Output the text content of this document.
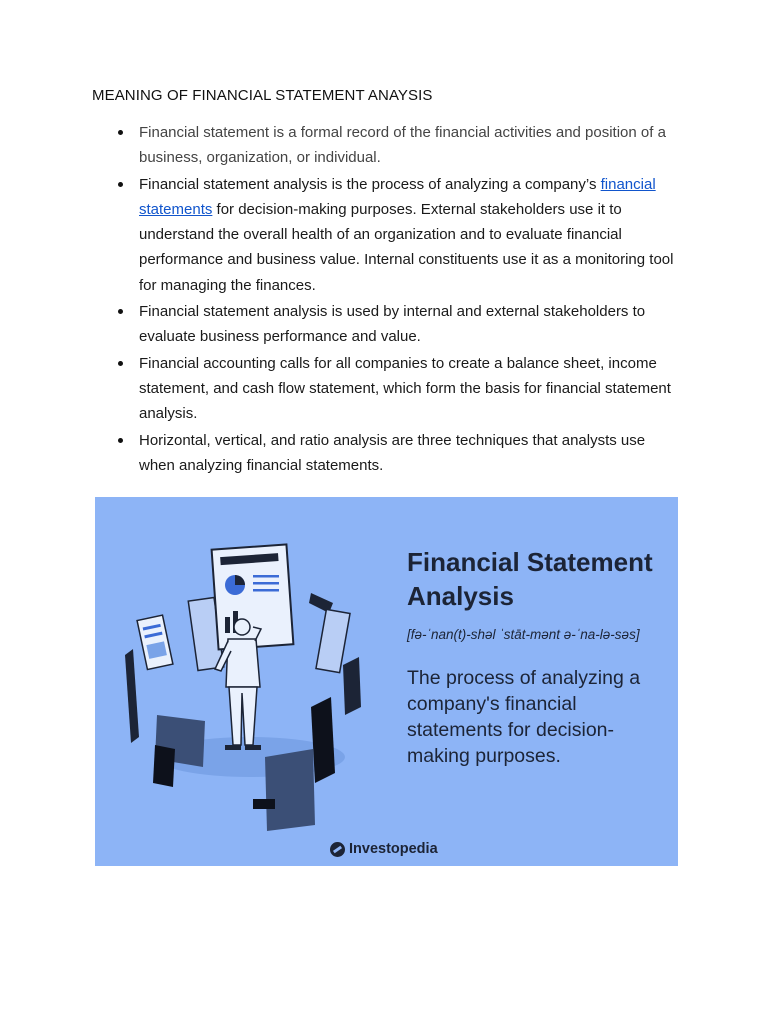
MEANING OF FINANCIAL STATEMENT ANAYSIS
Financial statement is a formal record of the financial activities and position of a business, organization, or individual.
Financial statement analysis is the process of analyzing a company’s financial statements for decision-making purposes. External stakeholders use it to understand the overall health of an organization and to evaluate financial performance and business value. Internal constituents use it as a monitoring tool for managing the finances.
Financial statement analysis is used by internal and external stakeholders to evaluate business performance and value.
Financial accounting calls for all companies to create a balance sheet, income statement, and cash flow statement, which form the basis for financial statement analysis.
Horizontal, vertical, and ratio analysis are three techniques that analysts use when analyzing financial statements.
Financial Statement Analysis
[fə-ˈnan(t)-shəl ˈstāt-mənt ə-ˈna-lə-səs]

The process of analyzing a company's financial statements for decision-making purposes.

Investopedia
